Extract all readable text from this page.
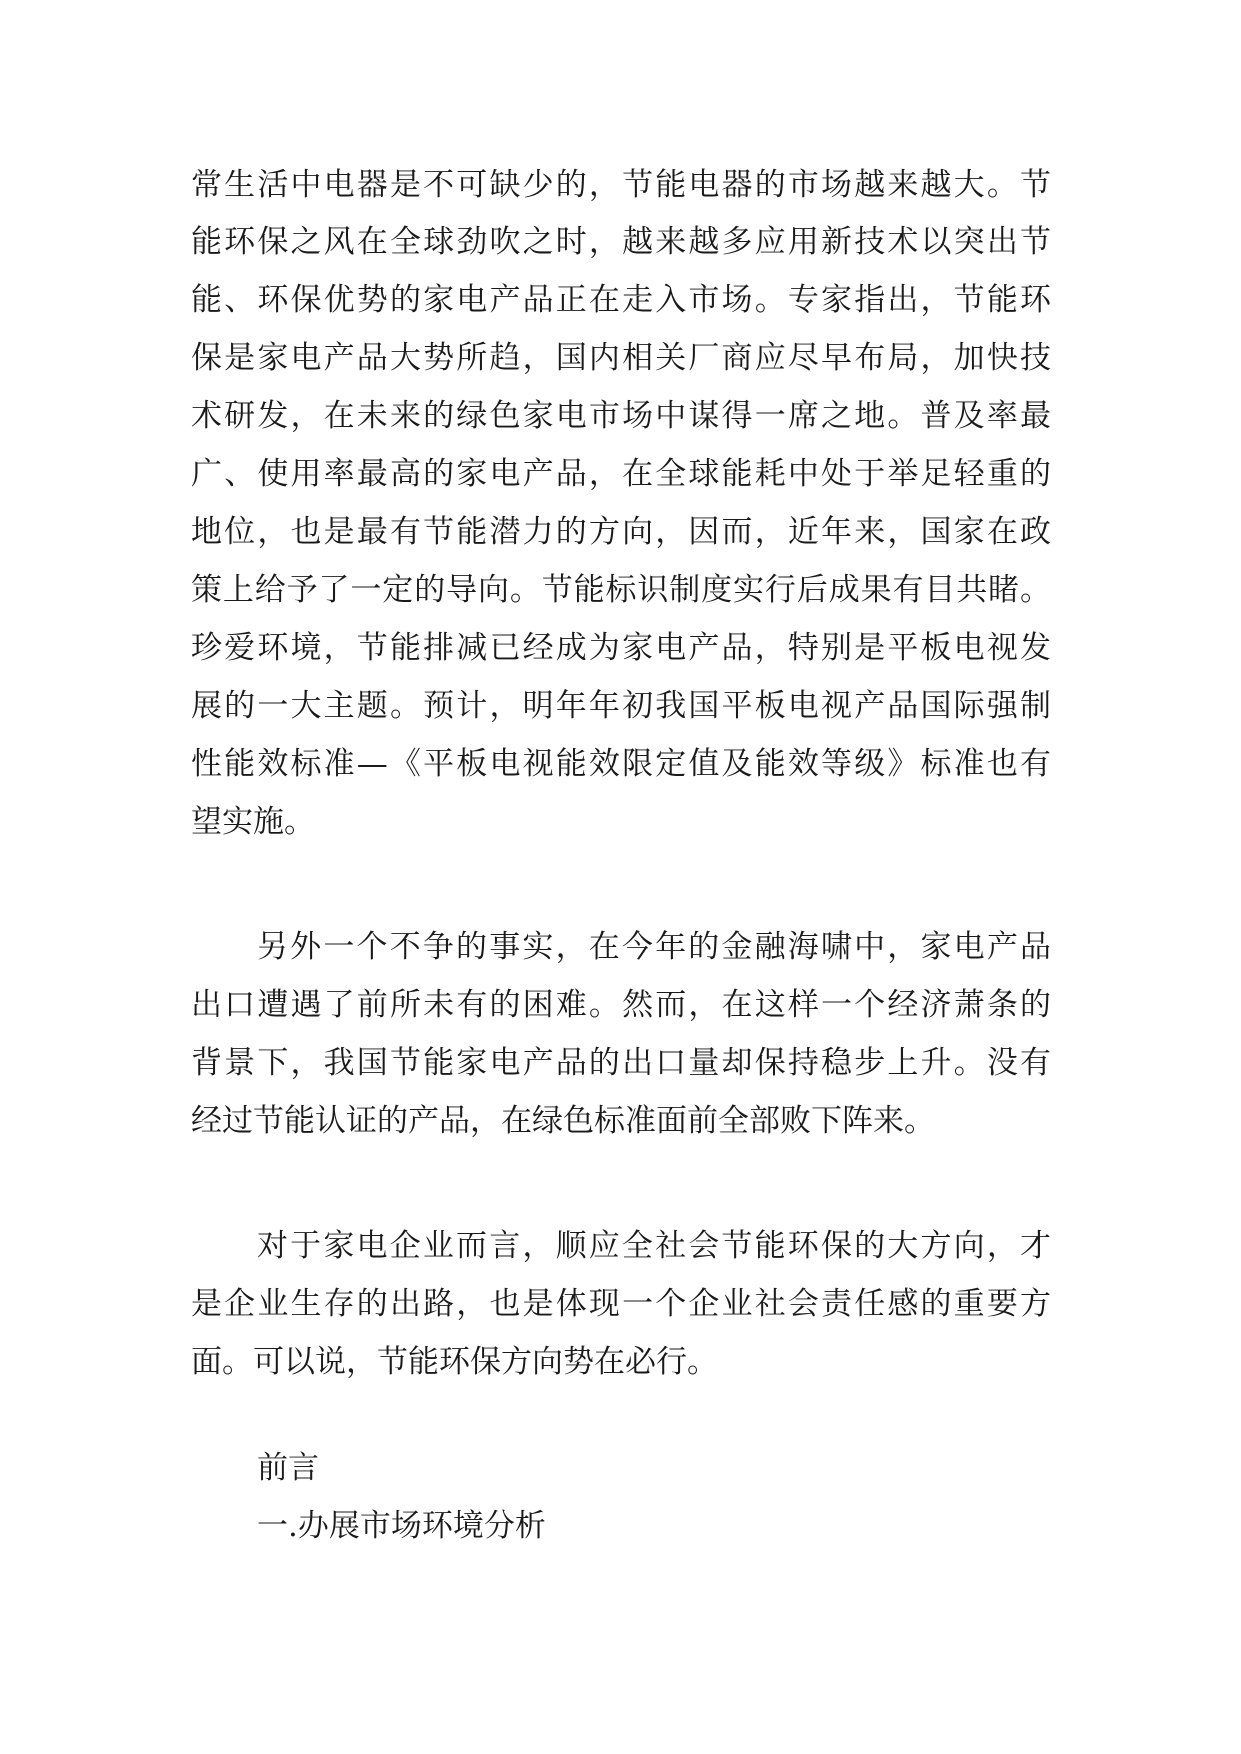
常生活中电器是不可缺少的，节能电器的市场越来越大。节
能环保之风在全球劲吹之时，越来越多应用新技术以突出节
能、环保优势的家电产品正在走入市场。专家指出，节能环
保是家电产品大势所趋，国内相关厂商应尽早布局，加快技
术研发，在未来的绿色家电市场中谋得一席之地。普及率最
广、使用率最高的家电产品，在全球能耗中处于举足轻重的
地位，也是最有节能潜力的方向，因而，近年来，国家在政
策上给予了一定的导向。节能标识制度实行后成果有目共睹。
珍爱环境，节能排减已经成为家电产品，特别是平板电视发
展的一大主题。预计，明年年初我国平板电视产品国际强制
性能效标准—《平板电视能效限定值及能效等级》标准也有
望实施。
另外一个不争的事实，在今年的金融海啸中，家电产品
出口遭遇了前所未有的困难。然而，在这样一个经济萧条的
背景下，我国节能家电产品的出口量却保持稳步上升。没有
经过节能认证的产品，在绿色标准面前全部败下阵来。
对于家电企业而言，顺应全社会节能环保的大方向，才
是企业生存的出路，也是体现一个企业社会责任感的重要方
面。可以说，节能环保方向势在必行。
前言
一.办展市场环境分析
